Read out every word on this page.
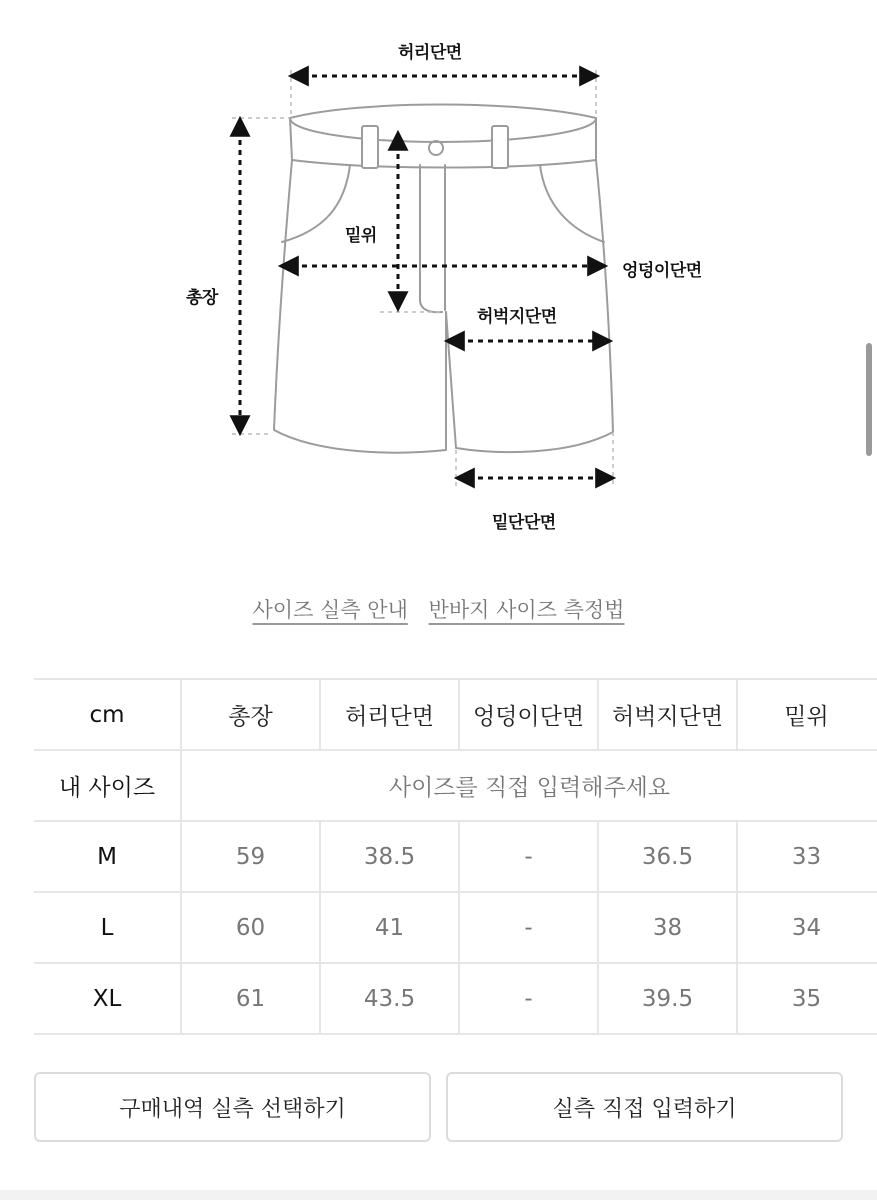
허리단면
밑위
엉덩이단면
총장
허벅지단면
밑단단면
사이즈 실측 안내 반바지 사이즈 측정법
cm	총장	허리단면	엉덩이단면	허벅지단면	밑위
내 사이즈	사이즈를 직접 입력해주세요
M	59	38.5	-	36.5	33
L	60	41	-	38	34
XL	61	43.5	-	39.5	35
구매내역 실측 선택하기	실측 직접 입력하기
